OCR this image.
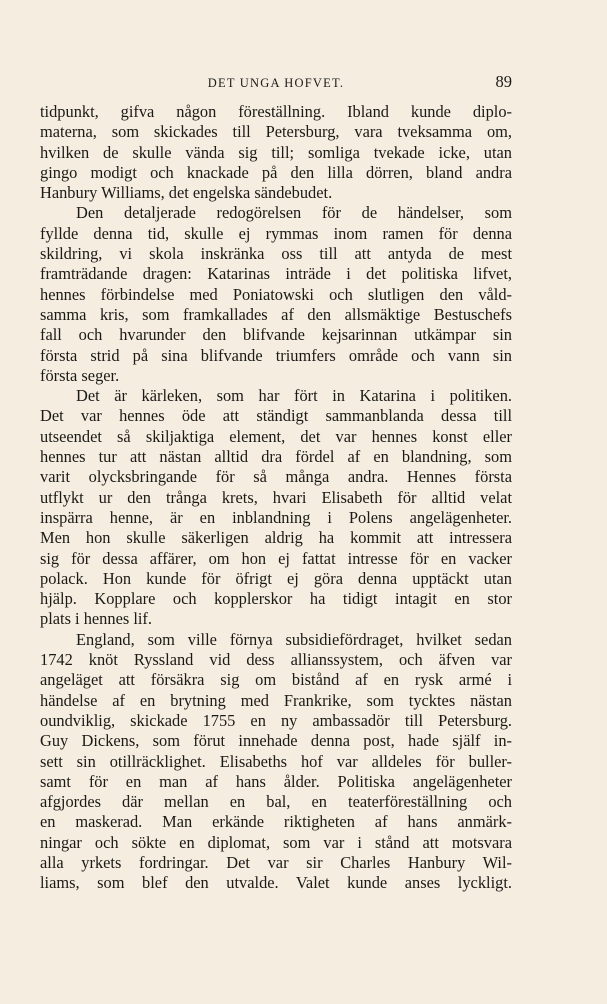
DET UNGA HOFVET.	89
tidpunkt, gifva någon föreställning. Ibland kunde diplo-
materna, som skickades till Petersburg, vara tveksamma om,
hvilken de skulle vända sig till; somliga tvekade icke, utan
gingo modigt och knackade på den lilla dörren, bland andra
Hanbury Williams, det engelska sändebudet.
Den detaljerade redogörelsen för de händelser, som
fyllde denna tid, skulle ej rymmas inom ramen för denna
skildring, vi skola inskränka oss till att antyda de mest
framträdande dragen: Katarinas inträde i det politiska lifvet,
hennes förbindelse med Poniatowski och slutligen den våld-
samma kris, som framkallades af den allsmäktige Bestuschefs
fall och hvarunder den blifvande kejsarinnan utkämpar sin
första strid på sina blifvande triumfers område och vann sin
första seger.
Det är kärleken, som har fört in Katarina i politiken.
Det var hennes öde att ständigt sammanblanda dessa till
utseendet så skiljaktiga element, det var hennes konst eller
hennes tur att nästan alltid dra fördel af en blandning, som
varit olycksbringande för så många andra. Hennes första
utflykt ur den trånga krets, hvari Elisabeth för alltid velat
inspärra henne, är en inblandning i Polens angelägenheter.
Men hon skulle säkerligen aldrig ha kommit att intressera
sig för dessa affärer, om hon ej fattat intresse för en vacker
polack. Hon kunde för öfrigt ej göra denna upptäckt utan
hjälp. Kopplare och kopplerskor ha tidigt intagit en stor
plats i hennes lif.
England, som ville förnya subsidiefördraget, hvilket sedan
1742 knöt Ryssland vid dess allianssystem, och äfven var
angeläget att försäkra sig om bistånd af en rysk armé i
händelse af en brytning med Frankrike, som tycktes nästan
oundviklig, skickade 1755 en ny ambassadör till Petersburg.
Guy Dickens, som förut innehade denna post, hade själf in-
sett sin otillräcklighet. Elisabeths hof var alldeles för buller-
samt för en man af hans ålder. Politiska angelägenheter
afgjordes där mellan en bal, en teaterföreställning och
en maskerad. Man erkände riktigheten af hans anmärk-
ningar och sökte en diplomat, som var i stånd att motsvara
alla yrkets fordringar. Det var sir Charles Hanbury Wil-
liams, som blef den utvalde. Valet kunde anses lyckligt.
